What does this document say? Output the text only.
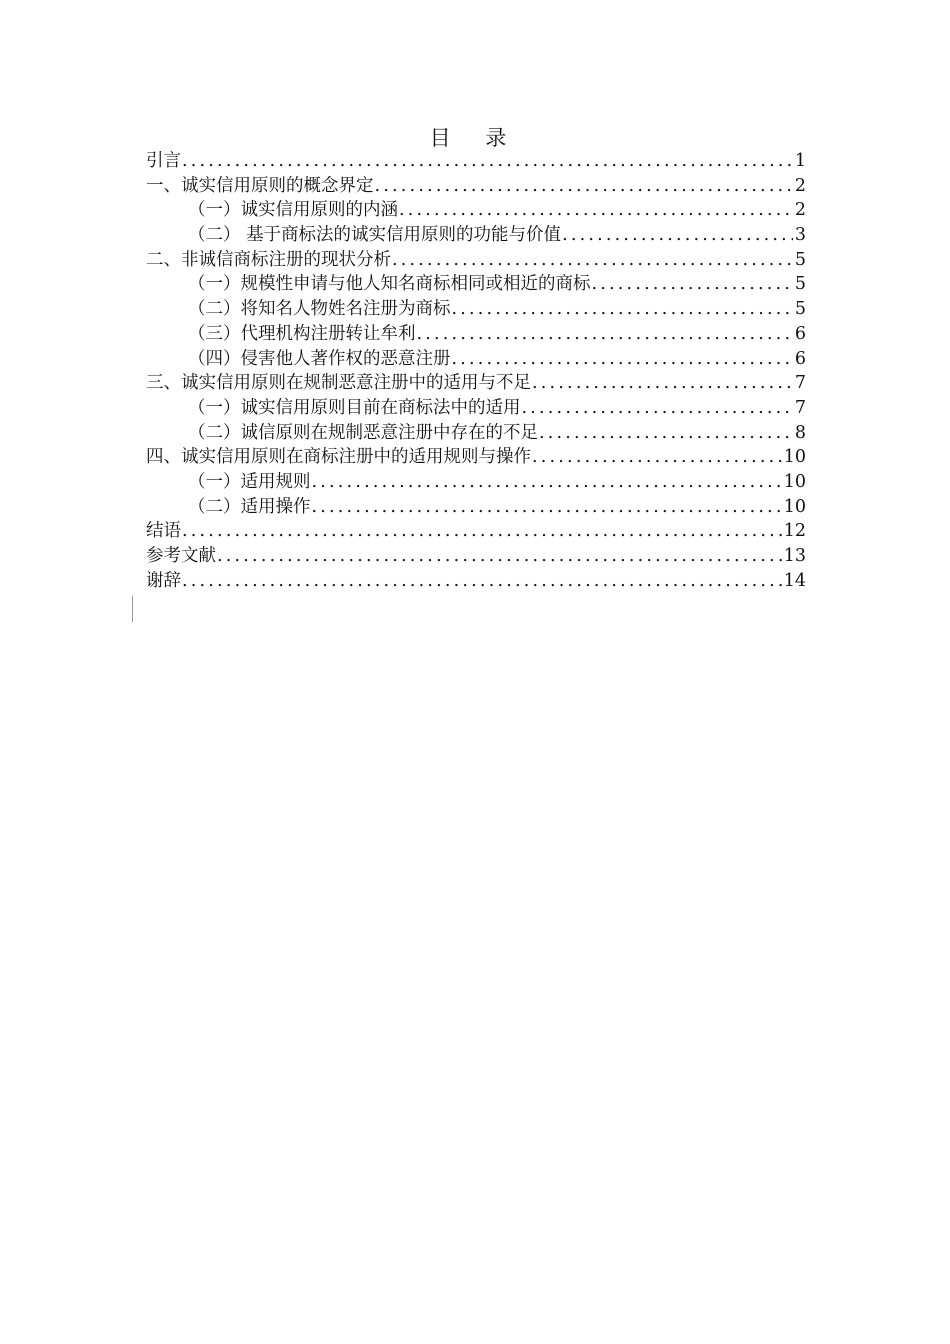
目 录
引言 .....	1
一、诚实信用原则的概念界定 .....	2
（一）诚实信用原则的内涵 .....	2
（二） 基于商标法的诚实信用原则的功能与价值 .....	3
二、非诚信商标注册的现状分析 .....	5
（一）规模性申请与他人知名商标相同或相近的商标 .....	5
（二）将知名人物姓名注册为商标 .....	5
（三）代理机构注册转让牟利 .....	6
（四）侵害他人著作权的恶意注册 .....	6
三、诚实信用原则在规制恶意注册中的适用与不足 .....	7
（一）诚实信用原则目前在商标法中的适用 .....	7
（二）诚信原则在规制恶意注册中存在的不足 .....	8
四、诚实信用原则在商标注册中的适用规则与操作 .....	10
（一）适用规则 .....	10
（二）适用操作 .....	10
结语 .....	12
参考文献 .....	13
谢辞 .....	14
